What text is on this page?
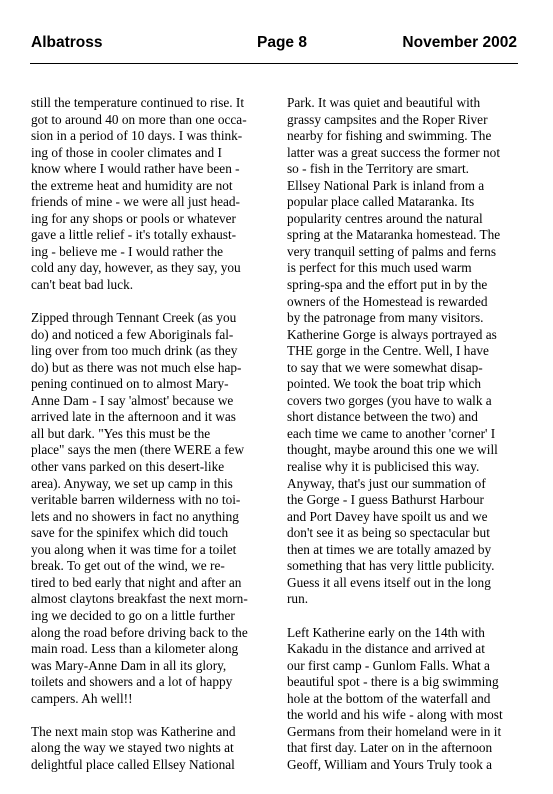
Albatross	Page 8	November 2002
still the temperature continued to rise. It
got to around 40 on more than one occa-
sion in a period of 10 days. I was think-
ing of those in cooler climates and I
know where I would rather have been -
the extreme heat and humidity are not
friends of mine - we were all just head-
ing for any shops or pools or whatever
gave a little relief - it's totally exhaust-
ing - believe me - I would rather the
cold any day, however, as they say, you
can't beat bad luck.
Zipped through Tennant Creek (as you
do) and noticed a few Aboriginals fal-
ling over from too much drink (as they
do) but as there was not much else hap-
pening continued on to almost Mary-
Anne Dam - I say 'almost' because we
arrived late in the afternoon and it was
all but dark. "Yes this must be the
place" says the men (there WERE a few
other vans parked on this desert-like
area). Anyway, we set up camp in this
veritable barren wilderness with no toi-
lets and no showers in fact no anything
save for the spinifex which did touch
you along when it was time for a toilet
break. To get out of the wind, we re-
tired to bed early that night and after an
almost claytons breakfast the next morn-
ing we decided to go on a little further
along the road before driving back to the
main road. Less than a kilometer along
was Mary-Anne Dam in all its glory,
toilets and showers and a lot of happy
campers. Ah well!!
The next main stop was Katherine and
along the way we stayed two nights at
delightful place called Ellsey National
Park. It was quiet and beautiful with
grassy campsites and the Roper River
nearby for fishing and swimming. The
latter was a great success the former not
so - fish in the Territory are smart.
Ellsey National Park is inland from a
popular place called Mataranka. Its
popularity centres around the natural
spring at the Mataranka homestead. The
very tranquil setting of palms and ferns
is perfect for this much used warm
spring-spa and the effort put in by the
owners of the Homestead is rewarded
by the patronage from many visitors.
Katherine Gorge is always portrayed as
THE gorge in the Centre. Well, I have
to say that we were somewhat disap-
pointed. We took the boat trip which
covers two gorges (you have to walk a
short distance between the two) and
each time we came to another 'corner' I
thought, maybe around this one we will
realise why it is publicised this way.
Anyway, that's just our summation of
the Gorge - I guess Bathurst Harbour
and Port Davey have spoilt us and we
don't see it as being so spectacular but
then at times we are totally amazed by
something that has very little publicity.
Guess it all evens itself out in the long
run.
Left Katherine early on the 14th with
Kakadu in the distance and arrived at
our first camp - Gunlom Falls. What a
beautiful spot - there is a big swimming
hole at the bottom of the waterfall and
the world and his wife - along with most
Germans from their homeland were in it
that first day. Later on in the afternoon
Geoff, William and Yours Truly took a
